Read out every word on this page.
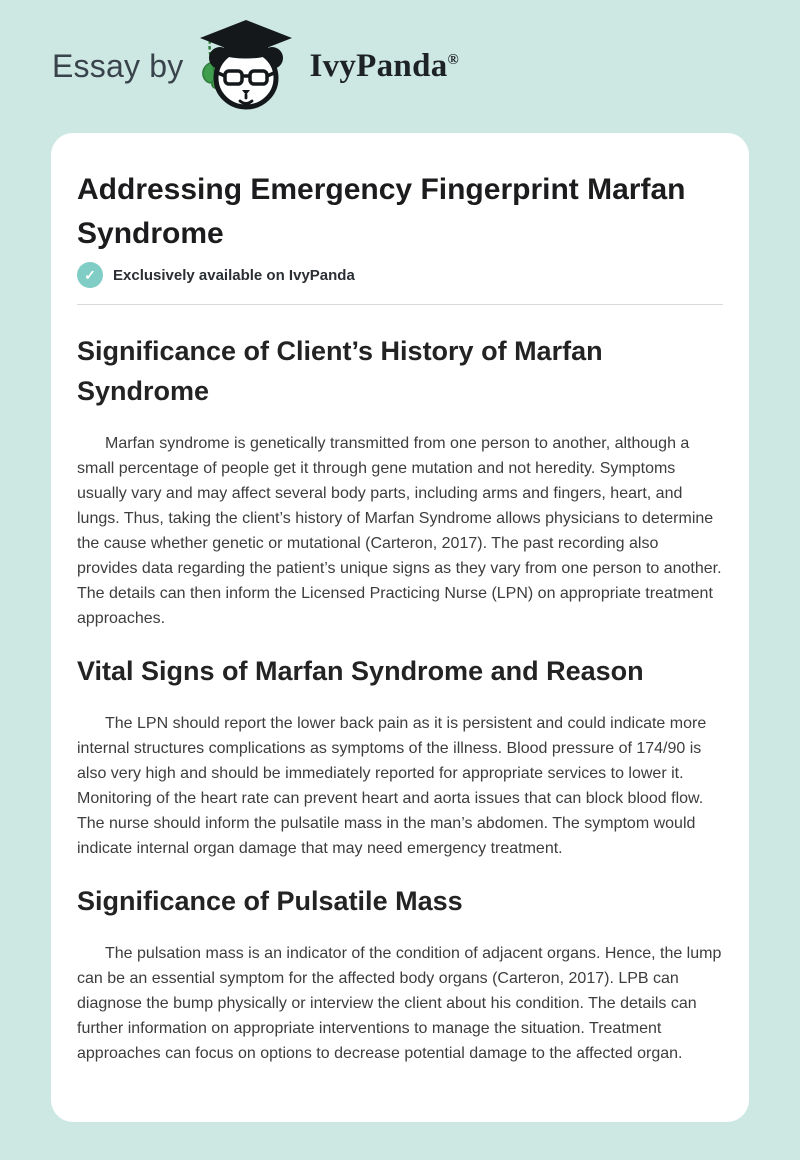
Essay by	IvyPanda®
Addressing Emergency Fingerprint Marfan Syndrome
✓	Exclusively available on IvyPanda
Significance of Client’s History of Marfan Syndrome

Marfan syndrome is genetically transmitted from one person to another, although a small percentage of people get it through gene mutation and not heredity. Symptoms usually vary and may affect several body parts, including arms and fingers, heart, and lungs. Thus, taking the client’s history of Marfan Syndrome allows physicians to determine the cause whether genetic or mutational (Carteron, 2017). The past recording also provides data regarding the patient’s unique signs as they vary from one person to another. The details can then inform the Licensed Practicing Nurse (LPN) on appropriate treatment approaches.

Vital Signs of Marfan Syndrome and Reason

The LPN should report the lower back pain as it is persistent and could indicate more internal structures complications as symptoms of the illness. Blood pressure of 174/90 is also very high and should be immediately reported for appropriate services to lower it. Monitoring of the heart rate can prevent heart and aorta issues that can block blood flow. The nurse should inform the pulsatile mass in the man’s abdomen. The symptom would indicate internal organ damage that may need emergency treatment.

Significance of Pulsatile Mass

The pulsation mass is an indicator of the condition of adjacent organs. Hence, the lump can be an essential symptom for the affected body organs (Carteron, 2017). LPB can diagnose the bump physically or interview the client about his condition. The details can further information on appropriate interventions to manage the situation. Treatment approaches can focus on options to decrease potential damage to the affected organ.
